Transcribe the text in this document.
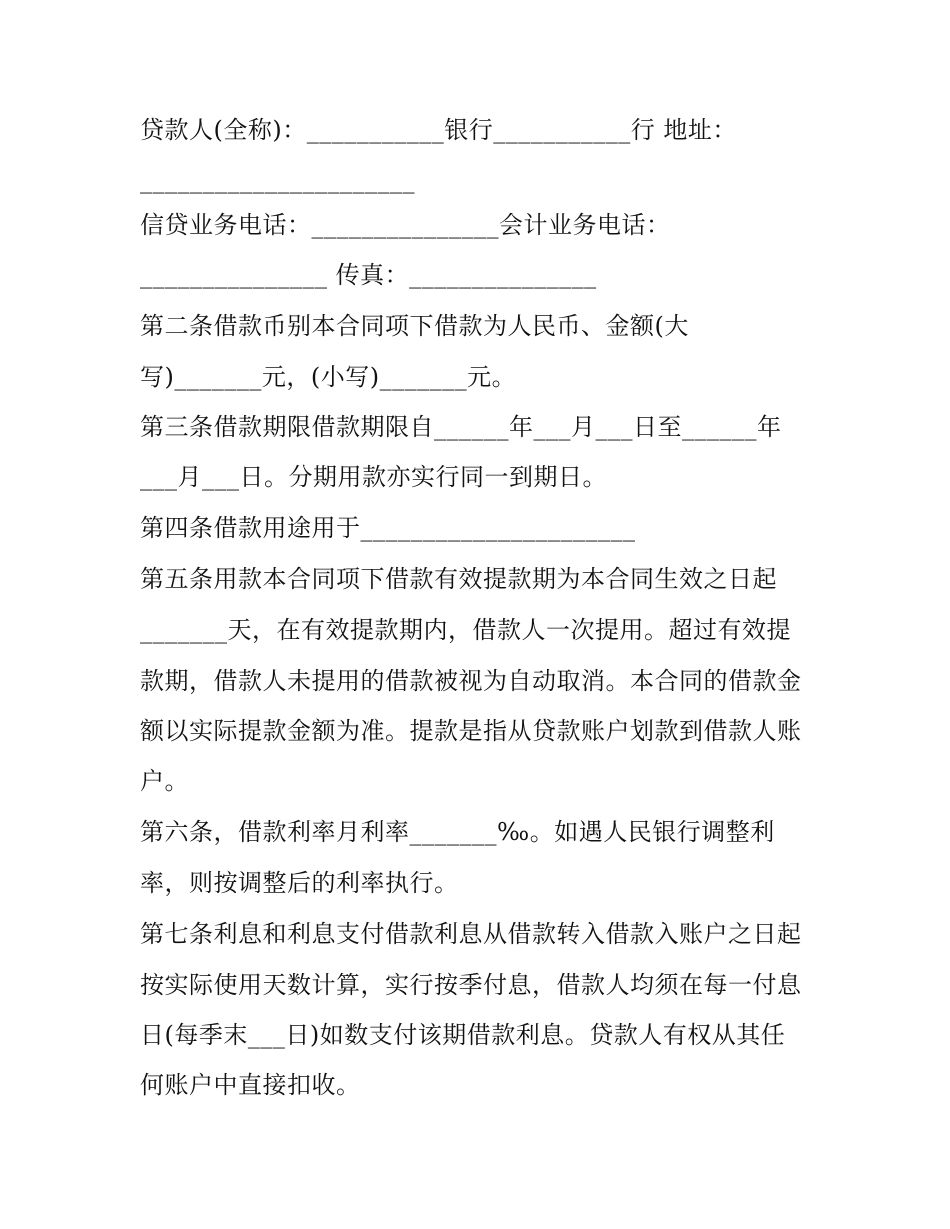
贷款人(全称)：___________银行___________行 地址：
______________________
信贷业务电话：_______________会计业务电话：
_______________ 传真：_______________
第二条借款币别本合同项下借款为人民币、金额(大
写)_______元，(小写)_______元。
第三条借款期限借款期限自______年___月___日至______年
___月___日。分期用款亦实行同一到期日。
第四条借款用途用于______________________
第五条用款本合同项下借款有效提款期为本合同生效之日起
_______天，在有效提款期内，借款人一次提用。超过有效提
款期，借款人未提用的借款被视为自动取消。本合同的借款金
额以实际提款金额为准。提款是指从贷款账户划款到借款人账
户。
第六条，借款利率月利率_______‰。如遇人民银行调整利
率，则按调整后的利率执行。
第七条利息和利息支付借款利息从借款转入借款入账户之日起
按实际使用天数计算，实行按季付息，借款人均须在每一付息
日(每季末___日)如数支付该期借款利息。贷款人有权从其任
何账户中直接扣收。
